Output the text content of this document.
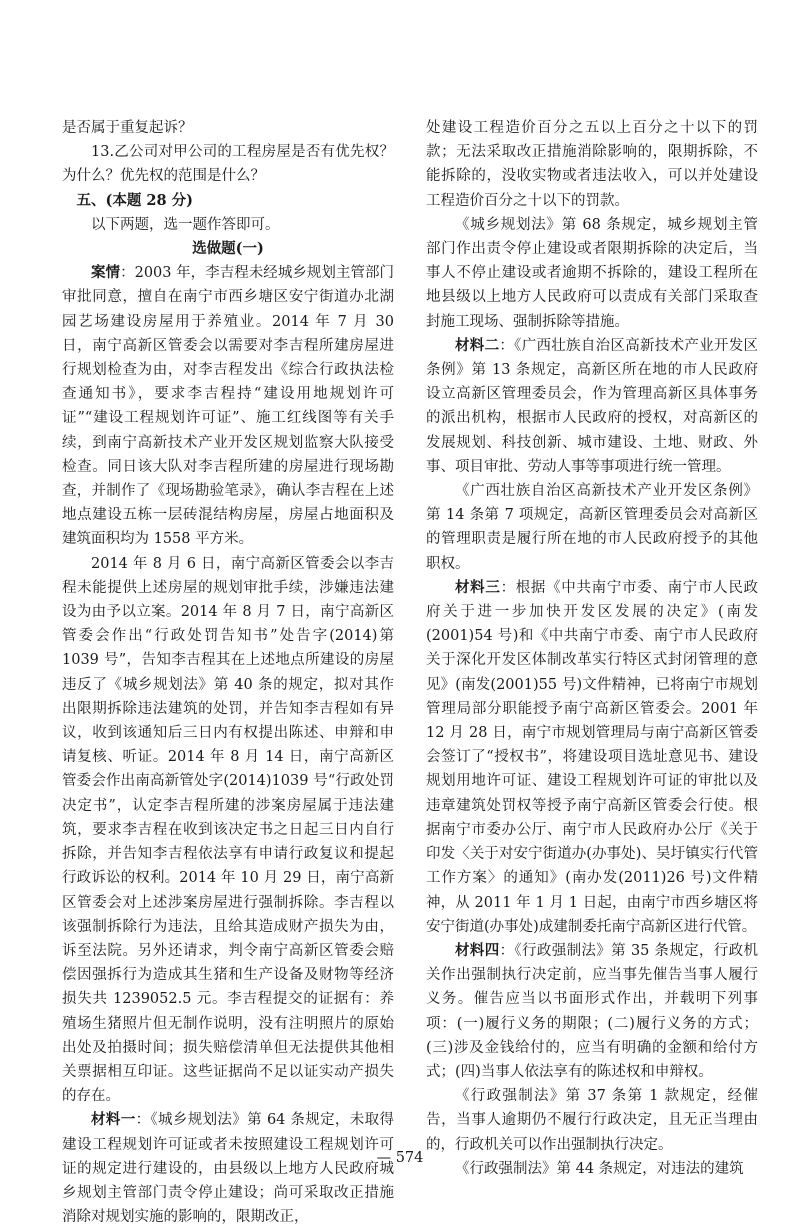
是否属于重复起诉？

13.乙公司对甲公司的工程房屋是否有优先权？为什么？优先权的范围是什么？

五、(本题 28 分)

以下两题，选一题作答即可。

选做题(一)

案情：2003 年，李吉程未经城乡规划主管部门审批同意，擅自在南宁市西乡塘区安宁街道办北湖园艺场建设房屋用于养殖业。2014 年 7 月 30 日，南宁高新区管委会以需要对李吉程所建房屋进行规划检查为由，对李吉程发出《综合行政执法检查通知书》，要求李吉程持“建设用地规划许可证”“建设工程规划许可证”、施工红线图等有关手续，到南宁高新技术产业开发区规划监察大队接受检查。同日该大队对李吉程所建的房屋进行现场勘查，并制作了《现场勘验笔录》，确认李吉程在上述地点建设五栋一层砖混结构房屋，房屋占地面积及建筑面积均为 1558 平方米。

2014 年 8 月 6 日，南宁高新区管委会以李吉程未能提供上述房屋的规划审批手续，涉嫌违法建设为由予以立案。2014 年 8 月 7 日，南宁高新区管委会作出“行政处罚告知书”处告字(2014)第 1039 号”，告知李吉程其在上述地点所建设的房屋违反了《城乡规划法》第 40 条的规定，拟对其作出限期拆除违法建筑的处罚，并告知李吉程如有异议，收到该通知后三日内有权提出陈述、申辩和申请复核、听证。2014 年 8 月 14 日，南宁高新区管委会作出南高新管处字(2014)1039 号“行政处罚决定书”，认定李吉程所建的涉案房屋属于违法建筑，要求李吉程在收到该决定书之日起三日内自行拆除，并告知李吉程依法享有申请行政复议和提起行政诉讼的权利。2014 年 10 月 29 日，南宁高新区管委会对上述涉案房屋进行强制拆除。李吉程以该强制拆除行为违法，且给其造成财产损失为由，诉至法院。另外还请求，判令南宁高新区管委会赔偿因强拆行为造成其生猪和生产设备及财物等经济损失共 1239052.5 元。李吉程提交的证据有：养殖场生猪照片但无制作说明，没有注明照片的原始出处及拍摄时间；损失赔偿清单但无法提供其他相关票据相互印证。这些证据尚不足以证实动产损失的存在。

材料一：《城乡规划法》第 64 条规定，未取得建设工程规划许可证或者未按照建设工程规划许可证的规定进行建设的，由县级以上地方人民政府城乡规划主管部门责令停止建设；尚可采取改正措施消除对规划实施的影响的，限期改正，

处建设工程造价百分之五以上百分之十以下的罚款；无法采取改正措施消除影响的，限期拆除，不能拆除的，没收实物或者违法收入，可以并处建设工程造价百分之十以下的罚款。

《城乡规划法》第 68 条规定，城乡规划主管部门作出责令停止建设或者限期拆除的决定后，当事人不停止建设或者逾期不拆除的，建设工程所在地县级以上地方人民政府可以责成有关部门采取查封施工现场、强制拆除等措施。

材料二：《广西壮族自治区高新技术产业开发区条例》第 13 条规定，高新区所在地的市人民政府设立高新区管理委员会，作为管理高新区具体事务的派出机构，根据市人民政府的授权，对高新区的发展规划、科技创新、城市建设、土地、财政、外事、项目审批、劳动人事等事项进行统一管理。

《广西壮族自治区高新技术产业开发区条例》第 14 条第 7 项规定，高新区管理委员会对高新区的管理职责是履行所在地的市人民政府授予的其他职权。

材料三：根据《中共南宁市委、南宁市人民政府关于进一步加快开发区发展的决定》(南发(2001)54 号)和《中共南宁市委、南宁市人民政府关于深化开发区体制改革实行特区式封闭管理的意见》(南发(2001)55 号)文件精神，已将南宁市规划管理局部分职能授予南宁高新区管委会。2001 年 12 月 28 日，南宁市规划管理局与南宁高新区管委会签订了“授权书”，将建设项目选址意见书、建设规划用地许可证、建设工程规划许可证的审批以及违章建筑处罚权等授予南宁高新区管委会行使。根据南宁市委办公厅、南宁市人民政府办公厅《关于印发〈关于对安宁街道办(办事处)、吴圩镇实行代管工作方案〉的通知》(南办发(2011)26 号)文件精神，从 2011 年 1 月 1 日起，由南宁市西乡塘区将安宁街道(办事处)成建制委托南宁高新区进行代管。

材料四：《行政强制法》第 35 条规定，行政机关作出强制执行决定前，应当事先催告当事人履行义务。催告应当以书面形式作出，并载明下列事项：(一)履行义务的期限；(二)履行义务的方式；(三)涉及金钱给付的，应当有明确的金额和给付方式；(四)当事人依法享有的陈述权和申辩权。

《行政强制法》第 37 条第 1 款规定，经催告，当事人逾期仍不履行行政决定，且无正当理由的，行政机关可以作出强制执行决定。

《行政强制法》第 44 条规定，对违法的建筑

— 574
